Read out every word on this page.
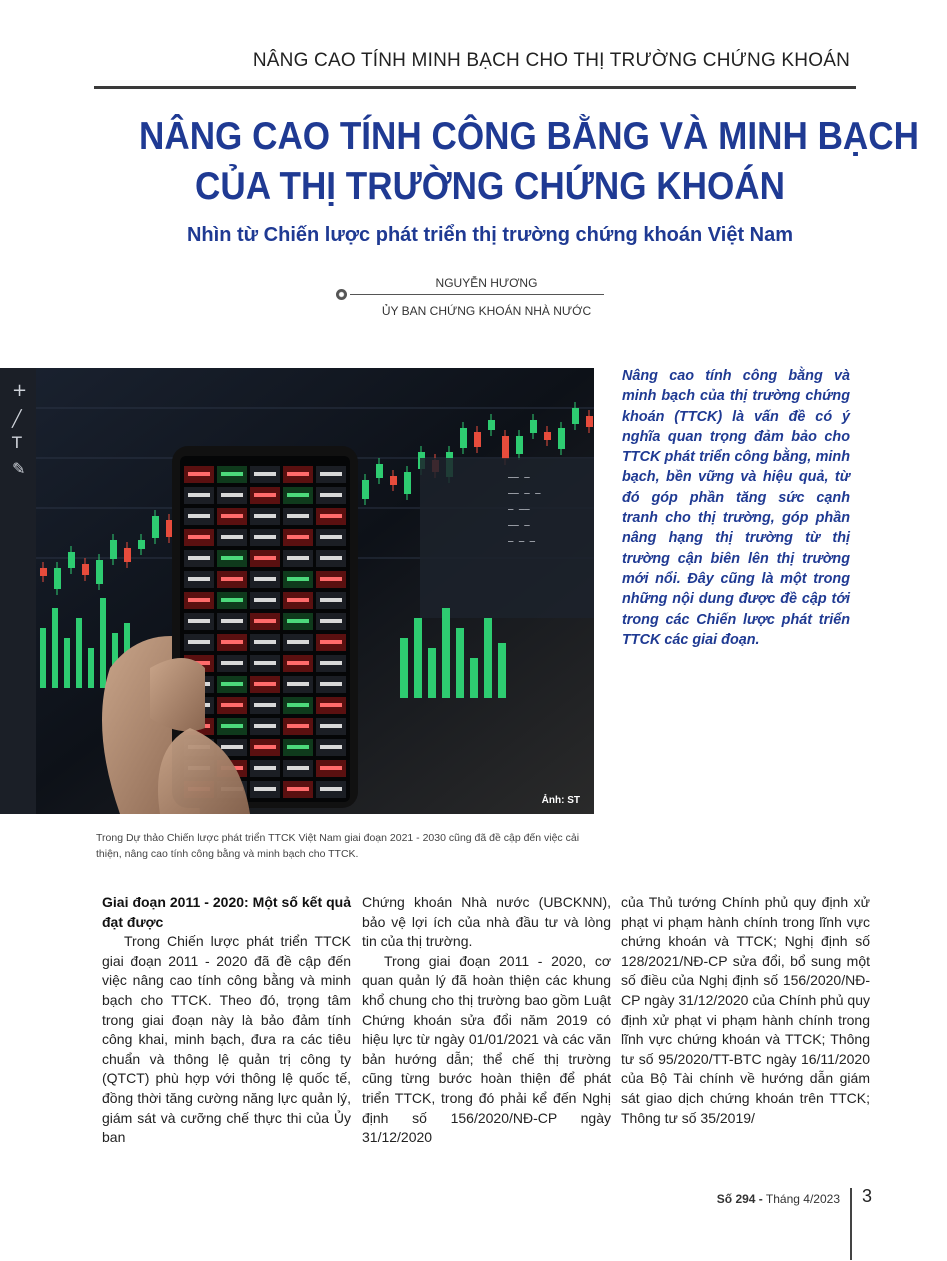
NÂNG CAO TÍNH MINH BẠCH CHO THỊ TRƯỜNG CHỨNG KHOÁN
NÂNG CAO TÍNH CÔNG BẰNG VÀ MINH BẠCH
CỦA THỊ TRƯỜNG CHỨNG KHOÁN
Nhìn từ Chiến lược phát triển thị trường chứng khoán Việt Nam
NGUYỄN HƯƠNG
ỦY BAN CHỨNG KHOÁN NHÀ NƯỚC
+
╱
T
✎	—— —
—— — —
— ——
—— —
— — —
Ảnh: ST
Trong Dự thảo Chiến lược phát triển TTCK Việt Nam giai đoạn 2021 - 2030 cũng đã đề cập đến việc cải thiện, nâng cao tính công bằng và minh bạch cho TTCK.

Nâng cao tính công bằng và minh bạch của thị trường chứng khoán (TTCK) là vấn đề có ý nghĩa quan trọng đảm bảo cho TTCK phát triển công bằng, minh bạch, bền vững và hiệu quả, từ đó góp phần tăng sức cạnh tranh cho thị trường, góp phần nâng hạng thị trường từ thị trường cận biên lên thị trường mới nổi. Đây cũng là một trong những nội dung được đề cập tới trong các Chiến lược phát triển TTCK các giai đoạn.

Giai đoạn 2011 - 2020: Một số kết quả đạt được

Trong Chiến lược phát triển TTCK giai đoạn 2011 - 2020 đã đề cập đến việc nâng cao tính công bằng và minh bạch cho TTCK. Theo đó, trọng tâm trong giai đoạn này là bảo đảm tính công khai, minh bạch, đưa ra các tiêu chuẩn và thông lệ quản trị công ty (QTCT) phù hợp với thông lệ quốc tế, đồng thời tăng cường năng lực quản lý, giám sát và cưỡng chế thực thi của Ủy ban

Chứng khoán Nhà nước (UBCKNN), bảo vệ lợi ích của nhà đầu tư và lòng tin của thị trường.

Trong giai đoạn 2011 - 2020, cơ quan quản lý đã hoàn thiện các khung khổ chung cho thị trường bao gồm Luật Chứng khoán sửa đổi năm 2019 có hiệu lực từ ngày 01/01/2021 và các văn bản hướng dẫn; thể chế thị trường cũng từng bước hoàn thiện để phát triển TTCK, trong đó phải kể đến Nghị định số 156/2020/NĐ-CP ngày 31/12/2020

của Thủ tướng Chính phủ quy định xử phạt vi phạm hành chính trong lĩnh vực chứng khoán và TTCK; Nghị định số 128/2021/NĐ-CP sửa đổi, bổ sung một số điều của Nghị định số 156/2020/NĐ-CP ngày 31/12/2020 của Chính phủ quy định xử phạt vi phạm hành chính trong lĩnh vực chứng khoán và TTCK; Thông tư số 95/2020/TT-BTC ngày 16/11/2020 của Bộ Tài chính về hướng dẫn giám sát giao dịch chứng khoán trên TTCK; Thông tư số 35/2019/

Số 294 - Tháng 4/2023 3
